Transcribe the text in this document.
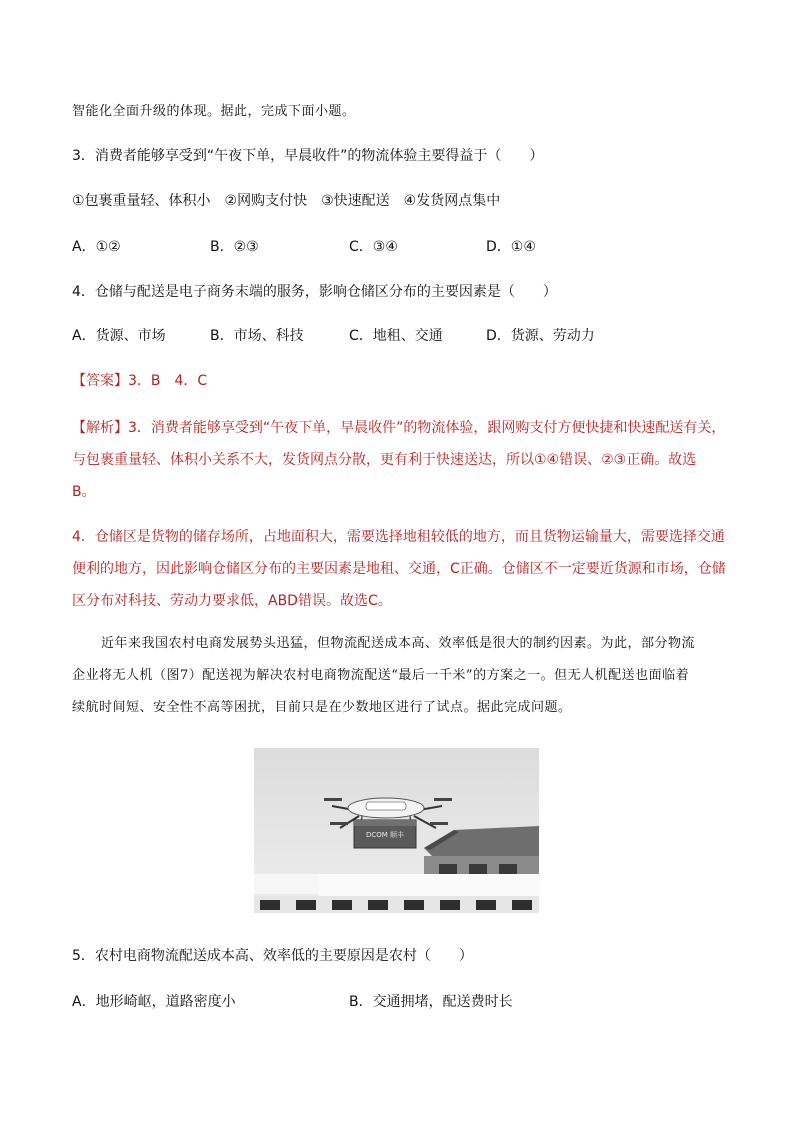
智能化全面升级的体现。据此，完成下面小题。
3．消费者能够享受到“午夜下单，早晨收件”的物流体验主要得益于（　　）
①包裹重量轻、体积小　②网购支付快　③快速配送　④发货网点集中
A．①②	B．②③	C．③④	D．①④
4．仓储与配送是电子商务末端的服务，影响仓储区分布的主要因素是（　　）
A．货源、市场	B．市场、科技	C．地租、交通	D．货源、劳动力
【答案】3．B　4．C
【解析】3．消费者能够享受到“午夜下单，早晨收件”的物流体验，跟网购支付方便快捷和快速配送有关，
与包裹重量轻、体积小关系不大，发货网点分散，更有利于快速送达，所以①④错误、②③正确。故选
B。
4．仓储区是货物的储存场所，占地面积大，需要选择地租较低的地方，而且货物运输量大，需要选择交通
便利的地方，因此影响仓储区分布的主要因素是地租、交通，C正确。仓储区不一定要近货源和市场，仓储
区分布对科技、劳动力要求低，ABD错误。故选C。
近年来我国农村电商发展势头迅猛，但物流配送成本高、效率低是很大的制约因素。为此，部分物流
企业将无人机（图7）配送视为解决农村电商物流配送“最后一千米”的方案之一。但无人机配送也面临着
续航时间短、安全性不高等困扰，目前只是在少数地区进行了试点。据此完成问题。
DCOM 顺丰
5．农村电商物流配送成本高、效率低的主要原因是农村（　　）
A．地形崎岖，道路密度小	B．交通拥堵，配送费时长
